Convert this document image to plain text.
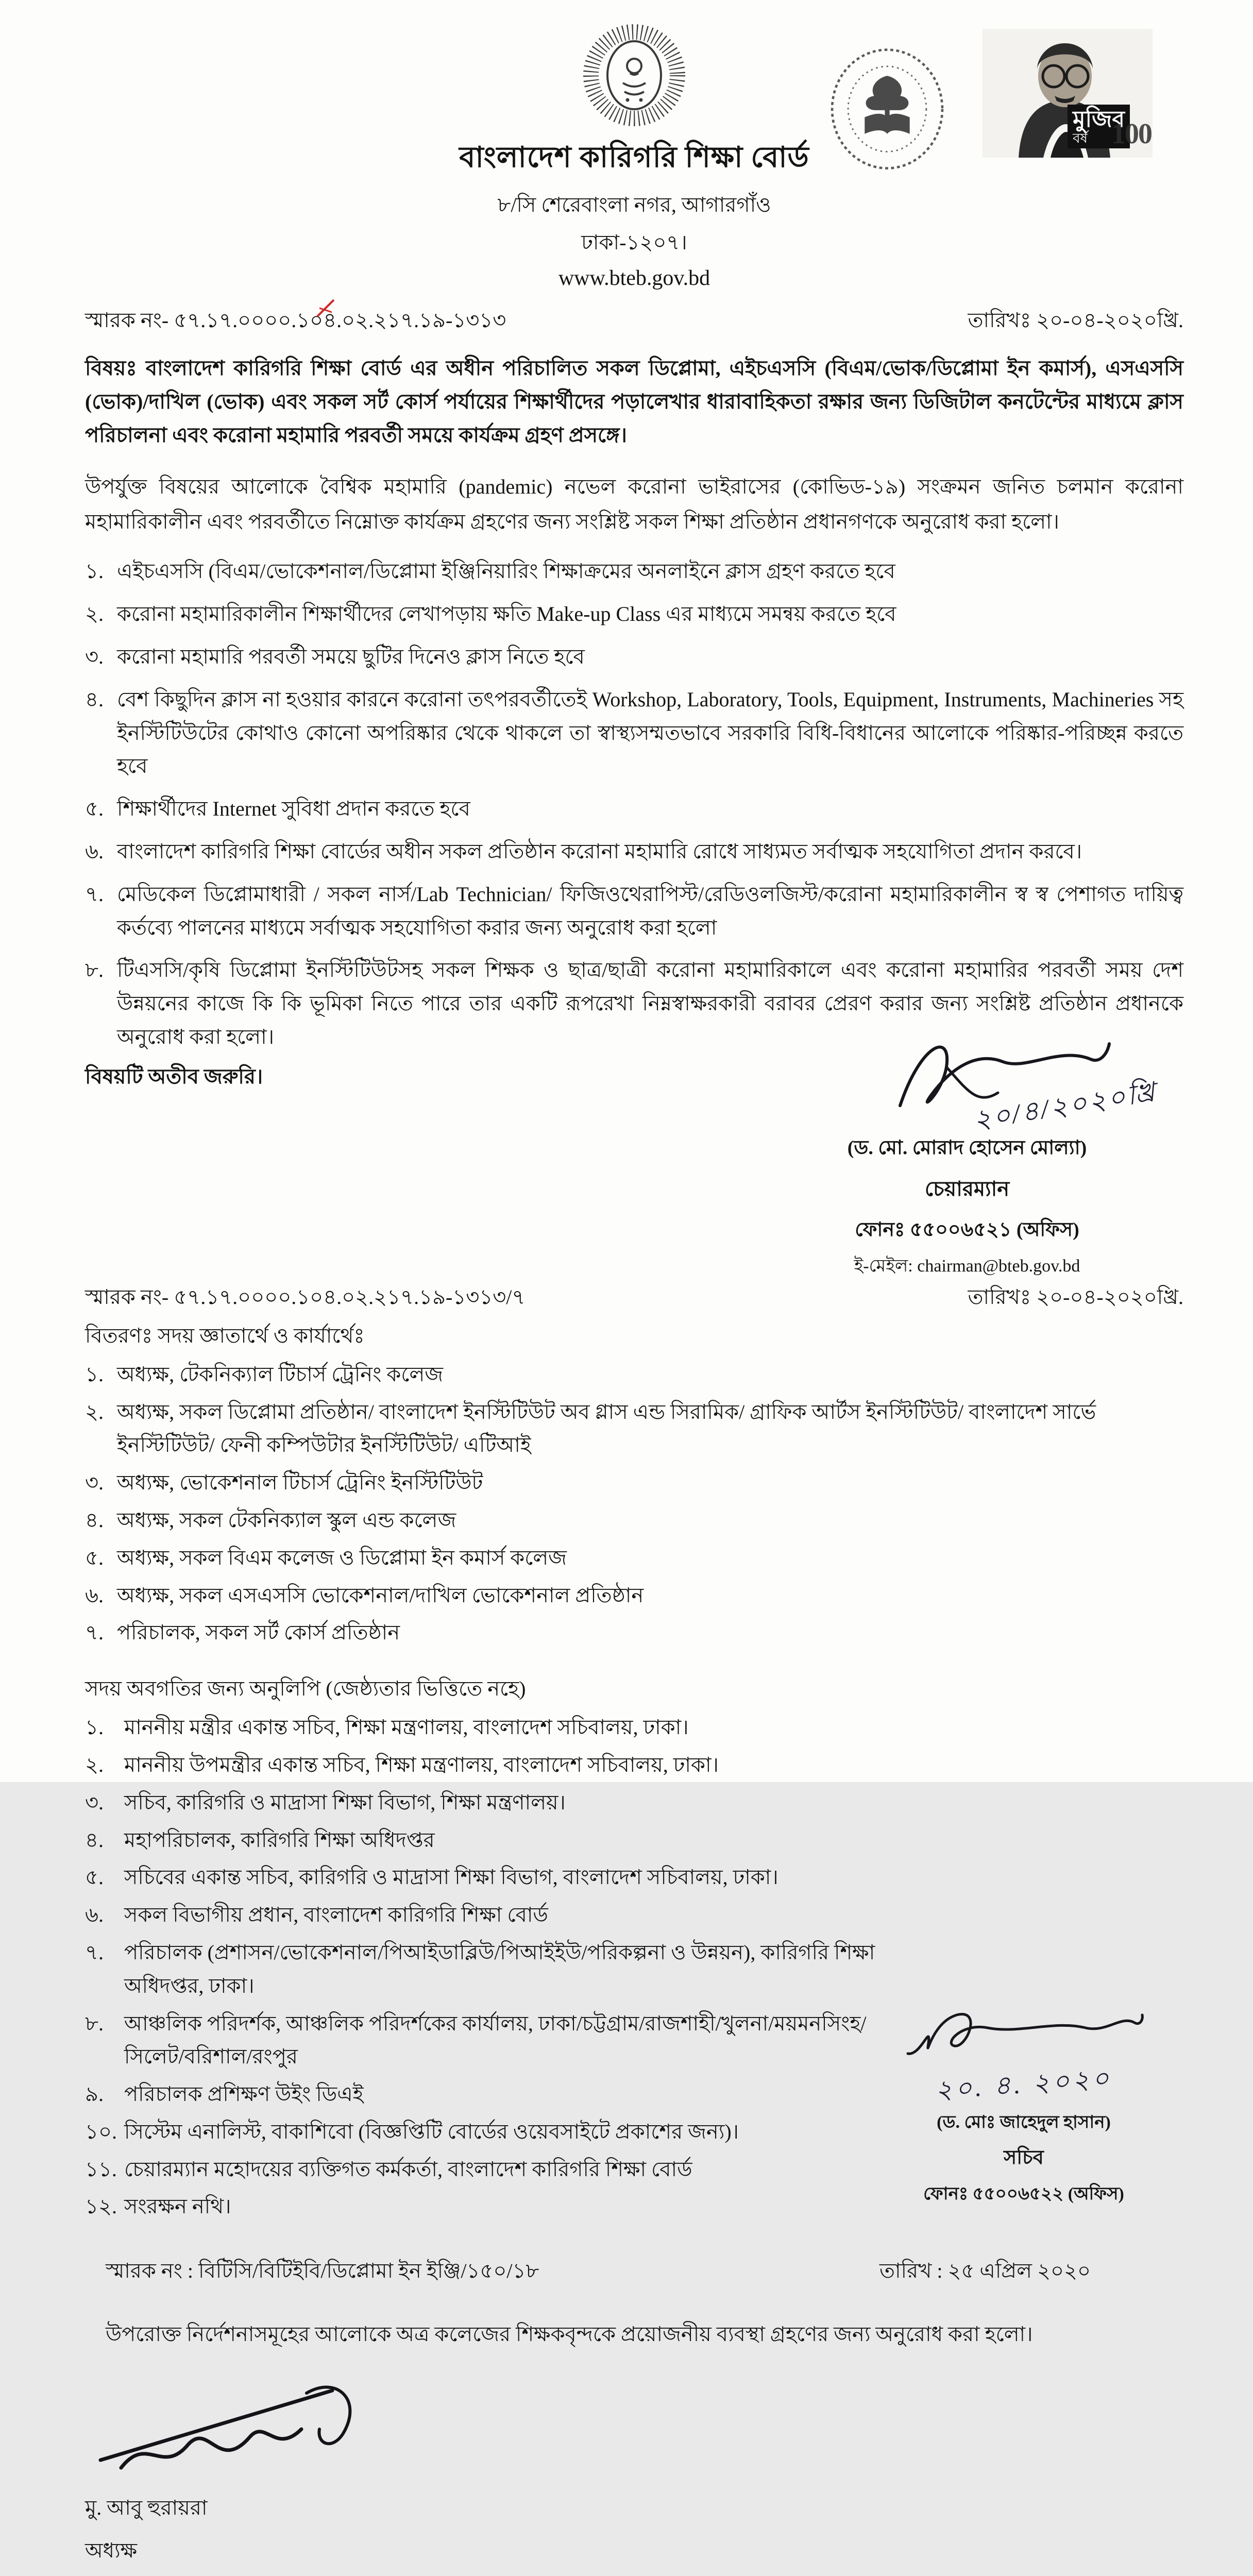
বাংলাদেশ কারিগরি শিক্ষা বোর্ড
৮/সি শেরেবাংলা নগর, আগারগাঁও
ঢাকা-১২০৭।
www.bteb.gov.bd
মুজিব
বর্ষ 100
স্মারক নং- ৫৭.১৭.০০০০.১০৪.০২.২১৭.১৯-১৩১৩	তারিখঃ ২০-০৪-২০২০খ্রি.
বিষয়ঃ বাংলাদেশ কারিগরি শিক্ষা বোর্ড এর অধীন পরিচালিত সকল ডিপ্লোমা, এইচএসসি (বিএম/ভোক/ডিপ্লোমা ইন কমার্স), এসএসসি (ভোক)/দাখিল (ভোক) এবং সকল সর্ট কোর্স পর্যায়ের শিক্ষার্থীদের পড়ালেখার ধারাবাহিকতা রক্ষার জন্য ডিজিটাল কনটেন্টের মাধ্যমে ক্লাস পরিচালনা এবং করোনা মহামারি পরবর্তী সময়ে কার্যক্রম গ্রহণ প্রসঙ্গে।
উপর্যুক্ত বিষয়ের আলোকে বৈশ্বিক মহামারি (pandemic) নভেল করোনা ভাইরাসের (কোভিড-১৯) সংক্রমন জনিত চলমান করোনা মহামারিকালীন এবং পরবর্তীতে নিম্নোক্ত কার্যক্রম গ্রহণের জন্য সংশ্লিষ্ট সকল শিক্ষা প্রতিষ্ঠান প্রধানগণকে অনুরোধ করা হলো।
১. এইচএসসি (বিএম/ভোকেশনাল/ডিপ্লোমা ইঞ্জিনিয়ারিং শিক্ষাক্রমের অনলাইনে ক্লাস গ্রহণ করতে হবে
২. করোনা মহামারিকালীন শিক্ষার্থীদের লেখাপড়ায় ক্ষতি Make-up Class এর মাধ্যমে সমন্বয় করতে হবে
৩. করোনা মহামারি পরবর্তী সময়ে ছুটির দিনেও ক্লাস নিতে হবে
৪. বেশ কিছুদিন ক্লাস না হওয়ার কারনে করোনা তৎপরবর্তীতেই Workshop, Laboratory, Tools, Equipment, Instruments, Machineries সহ ইনস্টিটিউটের কোথাও কোনো অপরিষ্কার থেকে থাকলে তা স্বাস্থ্যসম্মতভাবে সরকারি বিধি-বিধানের আলোকে পরিষ্কার-পরিচ্ছন্ন করতে হবে
৫. শিক্ষার্থীদের Internet সুবিধা প্রদান করতে হবে
৬. বাংলাদেশ কারিগরি শিক্ষা বোর্ডের অধীন সকল প্রতিষ্ঠান করোনা মহামারি রোধে সাধ্যমত সর্বাত্মক সহযোগিতা প্রদান করবে।
৭. মেডিকেল ডিপ্লোমাধারী / সকল নার্স/Lab Technician/ ফিজিওথেরাপিস্ট/রেডিওলজিস্ট/করোনা মহামারিকালীন স্ব স্ব পেশাগত দায়িত্ব কর্তব্যে পালনের মাধ্যমে সর্বাত্মক সহযোগিতা করার জন্য অনুরোধ করা হলো
৮. টিএসসি/কৃষি ডিপ্লোমা ইনস্টিটিউটসহ সকল শিক্ষক ও ছাত্র/ছাত্রী করোনা মহামারিকালে এবং করোনা মহামারির পরবর্তী সময় দেশ উন্নয়নের কাজে কি কি ভূমিকা নিতে পারে তার একটি রূপরেখা নিম্নস্বাক্ষরকারী বরাবর প্রেরণ করার জন্য সংশ্লিষ্ট প্রতিষ্ঠান প্রধানকে অনুরোধ করা হলো।
বিষয়টি অতীব জরুরি।
২০/৪/২০২০খ্রি
(ড. মো. মোরাদ হোসেন মোল্যা)
চেয়ারম্যান
ফোনঃ ৫৫০০৬৫২১ (অফিস)
ই-মেইল: chairman@bteb.gov.bd
স্মারক নং- ৫৭.১৭.০০০০.১০৪.০২.২১৭.১৯-১৩১৩/৭	তারিখঃ ২০-০৪-২০২০খ্রি.
বিতরণঃ সদয় জ্ঞাতার্থে ও কার্যার্থেঃ
১. অধ্যক্ষ, টেকনিক্যাল টিচার্স ট্রেনিং কলেজ
২. অধ্যক্ষ, সকল ডিপ্লোমা প্রতিষ্ঠান/ বাংলাদেশ ইনস্টিটিউট অব গ্লাস এন্ড সিরামিক/ গ্রাফিক আর্টস ইনস্টিটিউট/ বাংলাদেশ সার্ভে ইনস্টিটিউট/ ফেনী কম্পিউটার ইনস্টিটিউট/ এটিআই
৩. অধ্যক্ষ, ভোকেশনাল টিচার্স ট্রেনিং ইনস্টিটিউট
৪. অধ্যক্ষ, সকল টেকনিক্যাল স্কুল এন্ড কলেজ
৫. অধ্যক্ষ, সকল বিএম কলেজ ও ডিপ্লোমা ইন কমার্স কলেজ
৬. অধ্যক্ষ, সকল এসএসসি ভোকেশনাল/দাখিল ভোকেশনাল প্রতিষ্ঠান
৭. পরিচালক, সকল সর্ট কোর্স প্রতিষ্ঠান
সদয় অবগতির জন্য অনুলিপি (জেষ্ঠ্যতার ভিত্তিতে নহে)
১.	মাননীয় মন্ত্রীর একান্ত সচিব, শিক্ষা মন্ত্রণালয়, বাংলাদেশ সচিবালয়, ঢাকা।
২. মাননীয় উপমন্ত্রীর একান্ত সচিব, শিক্ষা মন্ত্রণালয়, বাংলাদেশ সচিবালয়, ঢাকা।
৩. সচিব, কারিগরি ও মাদ্রাসা শিক্ষা বিভাগ, শিক্ষা মন্ত্রণালয়।
৪.	মহাপরিচালক, কারিগরি শিক্ষা অধিদপ্তর
৫.	সচিবের একান্ত সচিব, কারিগরি ও মাদ্রাসা শিক্ষা বিভাগ, বাংলাদেশ সচিবালয়, ঢাকা।
৬. সকল বিভাগীয় প্রধান, বাংলাদেশ কারিগরি শিক্ষা বোর্ড
৭. পরিচালক (প্রশাসন/ভোকেশনাল/পিআইডাব্লিউ/পিআইইউ/পরিকল্পনা ও উন্নয়ন), কারিগরি শিক্ষা অধিদপ্তর, ঢাকা।
৮.	আঞ্চলিক পরিদর্শক, আঞ্চলিক পরিদর্শকের কার্যালয়, ঢাকা/চট্টগ্রাম/রাজশাহী/খুলনা/ময়মনসিংহ/সিলেট/বরিশাল/রংপুর
৯.	পরিচালক প্রশিক্ষণ উইং ডিএই
১০. সিস্টেম এনালিস্ট, বাকাশিবো (বিজ্ঞপ্তিটি বোর্ডের ওয়েবসাইটে প্রকাশের জন্য)।
১১. চেয়ারম্যান মহোদয়ের ব্যক্তিগত কর্মকর্তা, বাংলাদেশ কারিগরি শিক্ষা বোর্ড
১২. সংরক্ষন নথি।
২০. ৪. ২০২০
(ড. মোঃ জাহেদুল হাসান)
সচিব
ফোনঃ ৫৫০০৬৫২২ (অফিস)
স্মারক নং : বিটিসি/বিটিইবি/ডিপ্লোমা ইন ইঞ্জি/১৫০/১৮	তারিখ : ২৫ এপ্রিল ২০২০
উপরোক্ত নির্দেশনাসমূহের আলোকে অত্র কলেজের শিক্ষকবৃন্দকে প্রয়োজনীয় ব্যবস্থা গ্রহণের জন্য অনুরোধ করা হলো।
মু. আবু হুরায়রা
অধ্যক্ষ
